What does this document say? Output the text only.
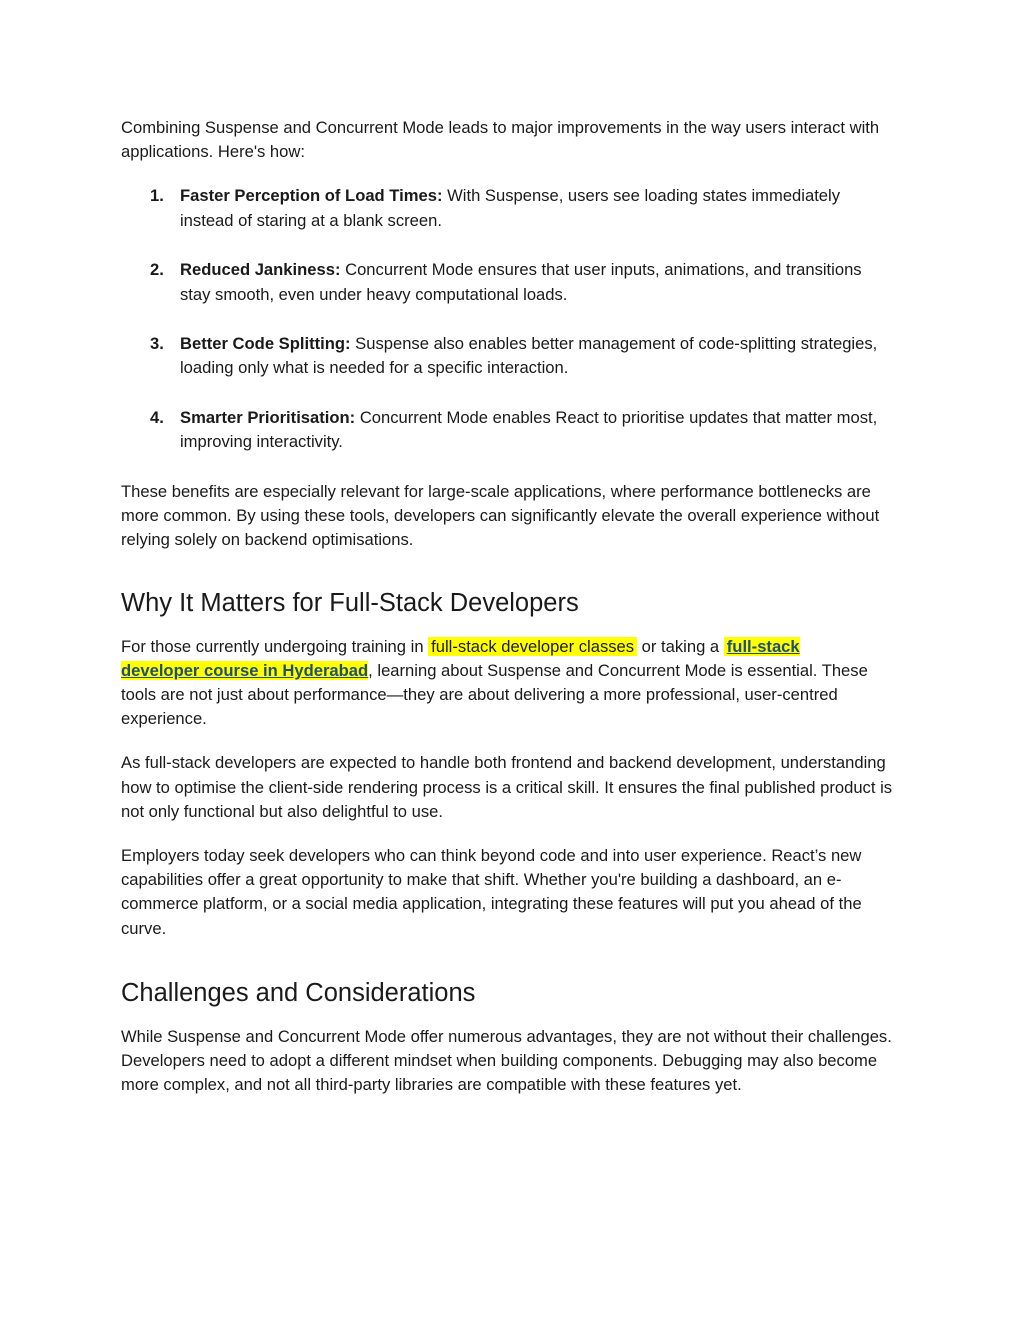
Combining Suspense and Concurrent Mode leads to major improvements in the way users interact with applications. Here's how:

1. Faster Perception of Load Times: With Suspense, users see loading states immediately instead of staring at a blank screen.
2. Reduced Jankiness: Concurrent Mode ensures that user inputs, animations, and transitions stay smooth, even under heavy computational loads.
3. Better Code Splitting: Suspense also enables better management of code-splitting strategies, loading only what is needed for a specific interaction.
4. Smarter Prioritisation: Concurrent Mode enables React to prioritise updates that matter most, improving interactivity.

These benefits are especially relevant for large-scale applications, where performance bottlenecks are more common. By using these tools, developers can significantly elevate the overall experience without relying solely on backend optimisations.

Why It Matters for Full-Stack Developers

For those currently undergoing training in full-stack developer classes or taking a full-stack
developer course in Hyderabad, learning about Suspense and Concurrent Mode is essential. These tools are not just about performance—they are about delivering a more professional, user-centred experience.

As full-stack developers are expected to handle both frontend and backend development, understanding how to optimise the client-side rendering process is a critical skill. It ensures the final published product is not only functional but also delightful to use.

Employers today seek developers who can think beyond code and into user experience. React’s new capabilities offer a great opportunity to make that shift. Whether you're building a dashboard, an e-commerce platform, or a social media application, integrating these features will put you ahead of the curve.

Challenges and Considerations

While Suspense and Concurrent Mode offer numerous advantages, they are not without their challenges. Developers need to adopt a different mindset when building components. Debugging may also become more complex, and not all third-party libraries are compatible with these features yet.
